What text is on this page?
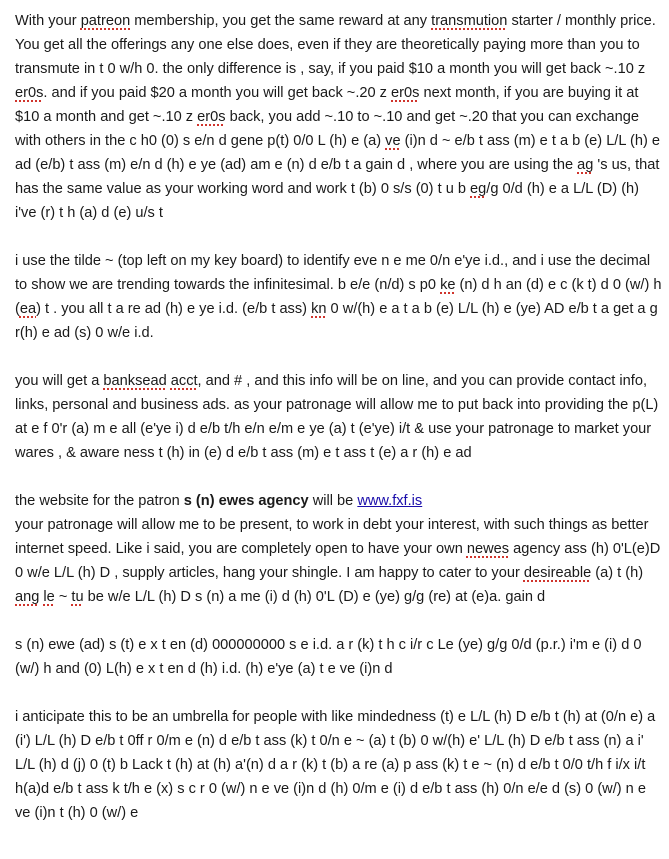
With your patreon membership, you get the same reward at any transmution starter / monthly price. You get all the offerings any one else does, even if they are theoretically paying more than you to transmute in t 0 w/h 0. the only difference is , say, if you paid $10 a month you will get back ~.10 z er0s. and if you paid $20 a month you will get back ~.20 z er0s next month, if you are buying it at $10 a month and get ~.10 z er0s back, you add ~.10 to ~.10 and get ~.20 that you can exchange with others in the c h0 (0) s e/n d gene p(t) 0/0 L (h) e (a) ve (i)n d ~ e/b t ass (m) e t a b (e) L/L (h) e ad (e/b) t ass (m) e/n d (h) e ye (ad) am e (n) d e/b t a gain d , where you are using the ag 's us, that has the same value as your working word and work t (b) 0 s/s (0) t u b eg/g 0/d (h) e a L/L (D) (h) i've (r) t h (a) d (e) u/s t

i use the tilde ~ (top left on my key board) to identify eve n e me 0/n e'ye i.d., and i use the decimal to show we are trending towards the infinitesimal. b e/e (n/d) s p0 ke (n) d h an (d) e c (k t) d 0 (w/) h (ea) t . you all t a re ad (h) e ye i.d. (e/b t ass) kn 0 w/(h) e a t a b (e) L/L (h) e (ye) AD e/b t a get a g r(h) e ad (s) 0 w/e i.d.

you will get a banksead acct, and # , and this info will be on line, and you can provide contact info, links, personal and business ads. as your patronage will allow me to put back into providing the p(L) at e f 0'r (a) m e all (e'ye i) d e/b t/h e/n e/m e ye (a) t (e'ye) i/t & use your patronage to market your wares , & aware ness t (h) in (e) d e/b t ass (m) e t ass t (e) a r (h) e ad

the website for the patron s (n) ewes agency will be www.fxf.is
your patronage will allow me to be present, to work in debt your interest, with such things as better internet speed. Like i said, you are completely open to have your own newes agency ass (h) 0'L(e)D 0 w/e L/L (h) D , supply articles, hang your shingle. I am happy to cater to your desireable (a) t (h) ang le ~ tu be w/e L/L (h) D s (n) a me (i) d (h) 0'L (D) e (ye) g/g (re) at (e)a. gain d

s (n) ewe (ad) s (t) e x t en (d) 000000000 s e i.d. a r (k) t h c i/r c Le (ye) g/g 0/d (p.r.) i'm e (i) d 0 (w/) h and (0) L(h) e x t en d (h) i.d. (h) e'ye (a) t e ve (i)n d

i anticipate this to be an umbrella for people with like mindedness (t) e L/L (h) D e/b t (h) at (0/n e) a (i') L/L (h) D e/b t 0ff r 0/m e (n) d e/b t ass (k) t 0/n e ~ (a) t (b) 0 w/(h) e' L/L (h) D e/b t ass (n) a i' L/L (h) d (j) 0 (t) b Lack t (h) at (h) a'(n) d a r (k) t (b) a re (a) p ass (k) t e ~ (n) d e/b t 0/0 t/h f i/x i/t h(a)d e/b t ass k t/h e (x) s c r 0 (w/) n e ve (i)n d (h) 0/m e (i) d e/b t ass (h) 0/n e/e d (s) 0 (w/) n e ve (i)n t (h) 0 (w/) e
